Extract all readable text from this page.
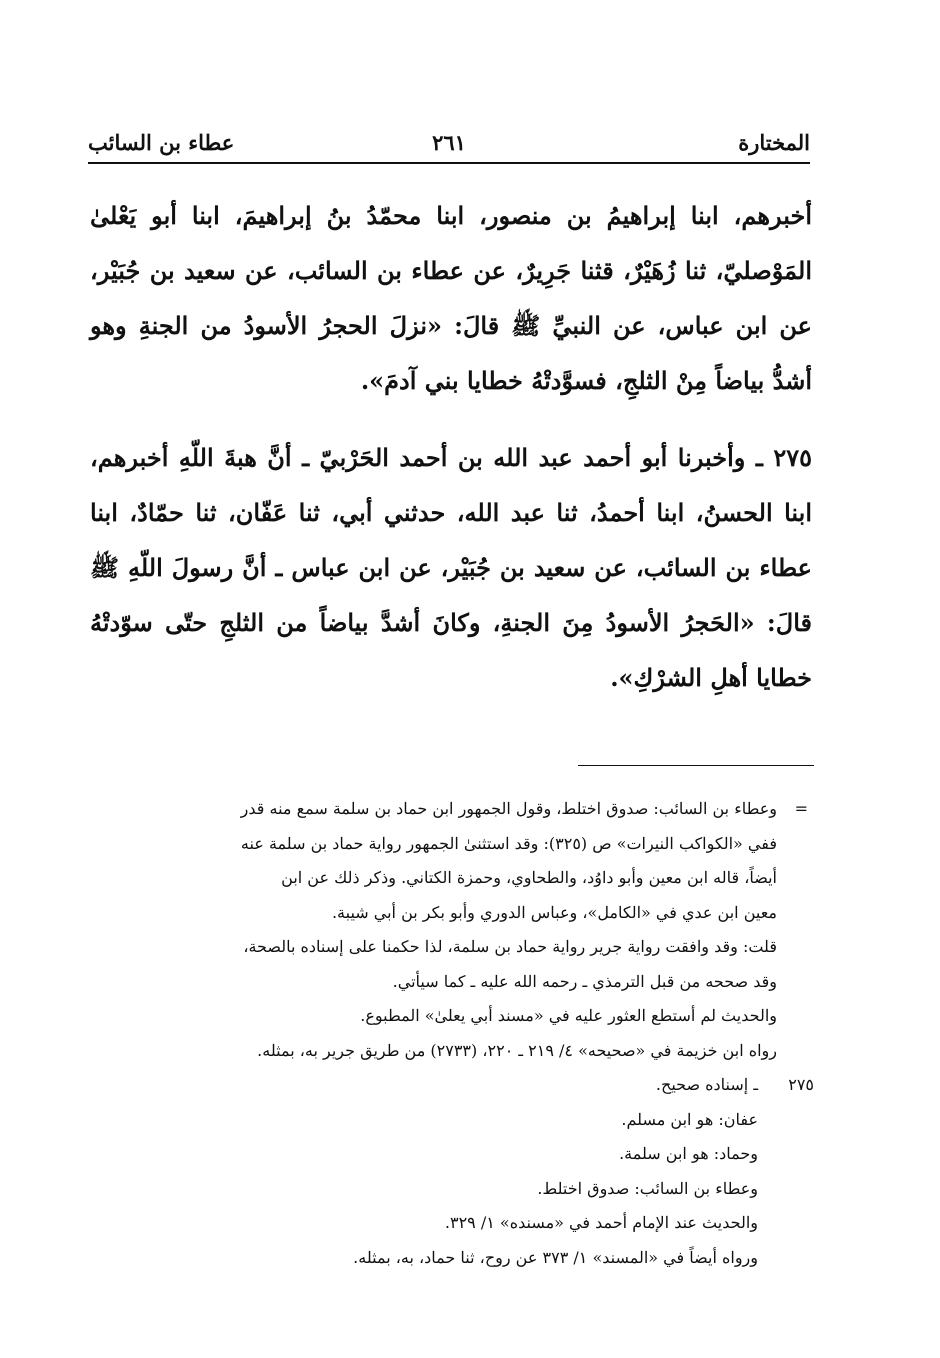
المختارة
٢٦١
عطاء بن السائب

أخبرهم، ابنا إبراهيمُ بن منصور، ابنا محمّدُ بنُ إبراهيمَ، ابنا أبو يَعْلىٰ المَوْصليّ، ثنا زُهَيْرٌ، قثنا جَرِيرٌ، عن عطاء بن السائب، عن سعيد بن جُبَيْر، عن ابن عباس، عن النبيِّ ﷺ قالَ: «نزلَ الحجرُ الأسودُ من الجنةِ وهو أشدُّ بياضاً مِنْ الثلجِ، فسوَّدتْهُ خطايا بني آدمَ».

٢٧٥ ـ وأخبرنا أبو أحمد عبد الله بن أحمد الحَرْبيّ ـ أنَّ هبةَ اللّهِ أخبرهم، ابنا الحسنُ، ابنا أحمدُ، ثنا عبد الله، حدثني أبي، ثنا عَفّان، ثنا حمّادٌ، ابنا عطاء بن السائب، عن سعيد بن جُبَيْر، عن ابن عباس ـ أنَّ رسولَ اللّهِ ﷺ قالَ: «الحَجرُ الأسودُ مِنَ الجنةِ، وكانَ أشدَّ بياضاً من الثلجِ حتّى سوّدتْهُ خطايا أهلِ الشرْكِ».

=
وعطاء بن السائب: صدوق اختلط، وقول الجمهور ابن حماد بن سلمة سمع منه قدر
ففي «الكواكب النيرات» ص (٣٢٥): وقد استثنىٰ الجمهور رواية حماد بن سلمة عنه
أيضاً، قاله ابن معين وأبو داوُد، والطحاوي، وحمزة الكتاني. وذكر ذلك عن ابن
معين ابن عدي في «الكامل»، وعباس الدوري وأبو بكر بن أبي شيبة.
قلت: وقد وافقت رواية جرير رواية حماد بن سلمة، لذا حكمنا على إسناده بالصحة،
وقد صححه من قبل الترمذي ـ رحمه الله عليه ـ كما سيأتي.
والحديث لم أستطع العثور عليه في «مسند أبي يعلىٰ» المطبوع.
رواه ابن خزيمة في «صحيحه» ٤/ ٢١٩ ـ ٢٢٠، (٢٧٣٣) من طريق جرير به، بمثله.
٢٧٥ـ إسناده صحيح.
عفان: هو ابن مسلم.
وحماد: هو ابن سلمة.
وعطاء بن السائب: صدوق اختلط.
والحديث عند الإمام أحمد في «مسنده» ١/ ٣٢٩.
ورواه أيضاً في «المسند» ١/ ٣٧٣ عن روح، ثنا حماد، به، بمثله.
